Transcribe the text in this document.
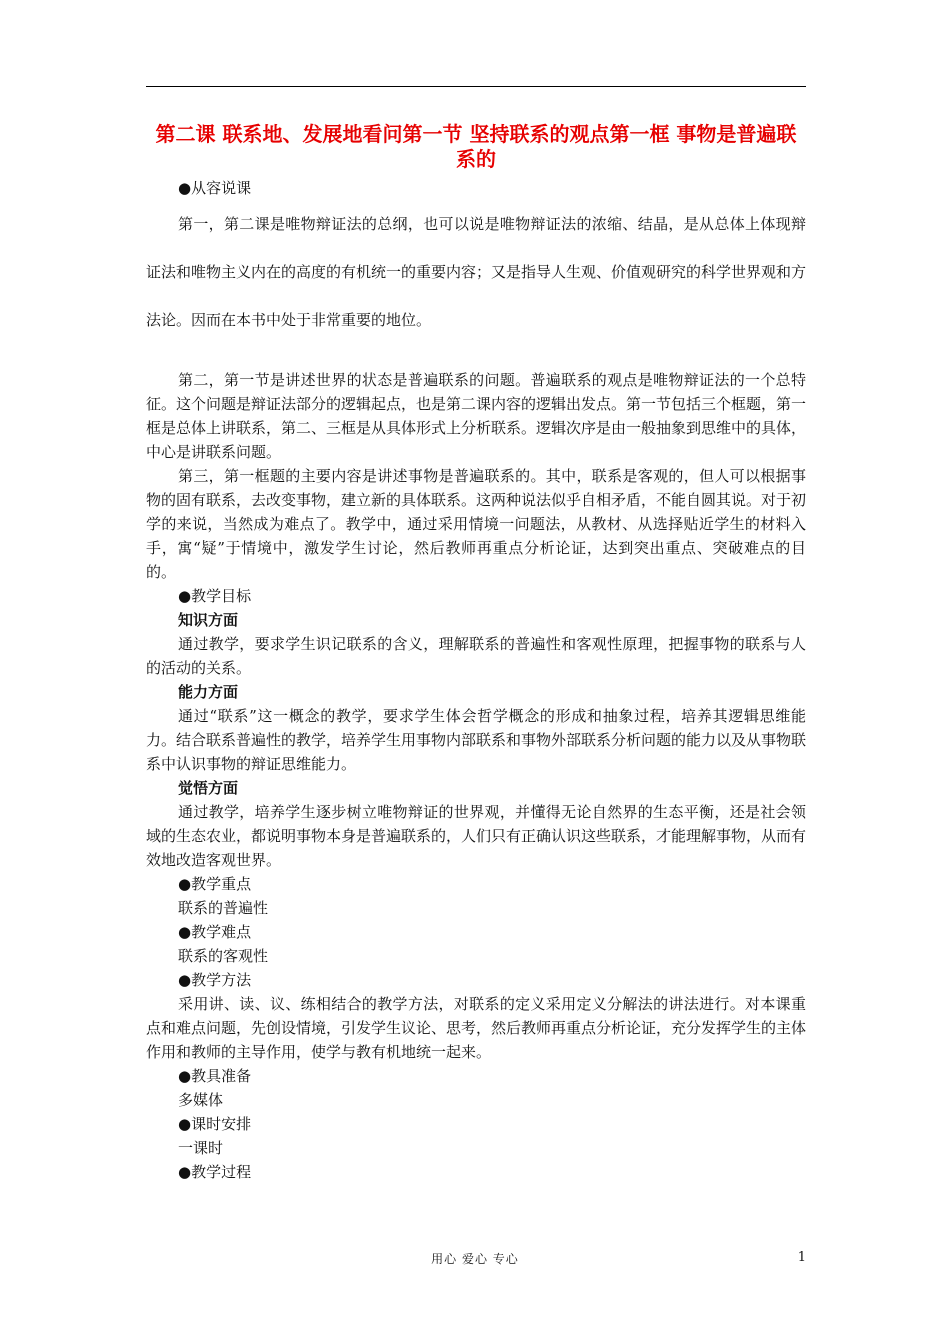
第二课 联系地、发展地看问第一节 坚持联系的观点第一框 事物是普遍联系的

●从容说课

第一，第二课是唯物辩证法的总纲，也可以说是唯物辩证法的浓缩、结晶，是从总体上体现辩证法和唯物主义内在的高度的有机统一的重要内容；又是指导人生观、价值观研究的科学世界观和方法论。因而在本书中处于非常重要的地位。

第二，第一节是讲述世界的状态是普遍联系的问题。普遍联系的观点是唯物辩证法的一个总特征。这个问题是辩证法部分的逻辑起点，也是第二课内容的逻辑出发点。第一节包括三个框题，第一框是总体上讲联系，第二、三框是从具体形式上分析联系。逻辑次序是由一般抽象到思维中的具体，中心是讲联系问题。

第三，第一框题的主要内容是讲述事物是普遍联系的。其中，联系是客观的，但人可以根据事物的固有联系，去改变事物，建立新的具体联系。这两种说法似乎自相矛盾，不能自圆其说。对于初学的来说，当然成为难点了。教学中，通过采用情境一问题法，从教材、从选择贴近学生的材料入手，寓“疑”于情境中，激发学生讨论，然后教师再重点分析论证，达到突出重点、突破难点的目的。

●教学目标

知识方面

通过教学，要求学生识记联系的含义，理解联系的普遍性和客观性原理，把握事物的联系与人的活动的关系。

能力方面

通过“联系”这一概念的教学，要求学生体会哲学概念的形成和抽象过程，培养其逻辑思维能力。结合联系普遍性的教学，培养学生用事物内部联系和事物外部联系分析问题的能力以及从事物联系中认识事物的辩证思维能力。

觉悟方面

通过教学，培养学生逐步树立唯物辩证的世界观，并懂得无论自然界的生态平衡，还是社会领域的生态农业，都说明事物本身是普遍联系的，人们只有正确认识这些联系，才能理解事物，从而有效地改造客观世界。

●教学重点

联系的普遍性

●教学难点

联系的客观性

●教学方法

采用讲、读、议、练相结合的教学方法，对联系的定义采用定义分解法的讲法进行。对本课重点和难点问题，先创设情境，引发学生议论、思考，然后教师再重点分析论证，充分发挥学生的主体作用和教师的主导作用，使学与教有机地统一起来。

●教具准备

多媒体

●课时安排

一课时

●教学过程

用心 爱心 专心	1
